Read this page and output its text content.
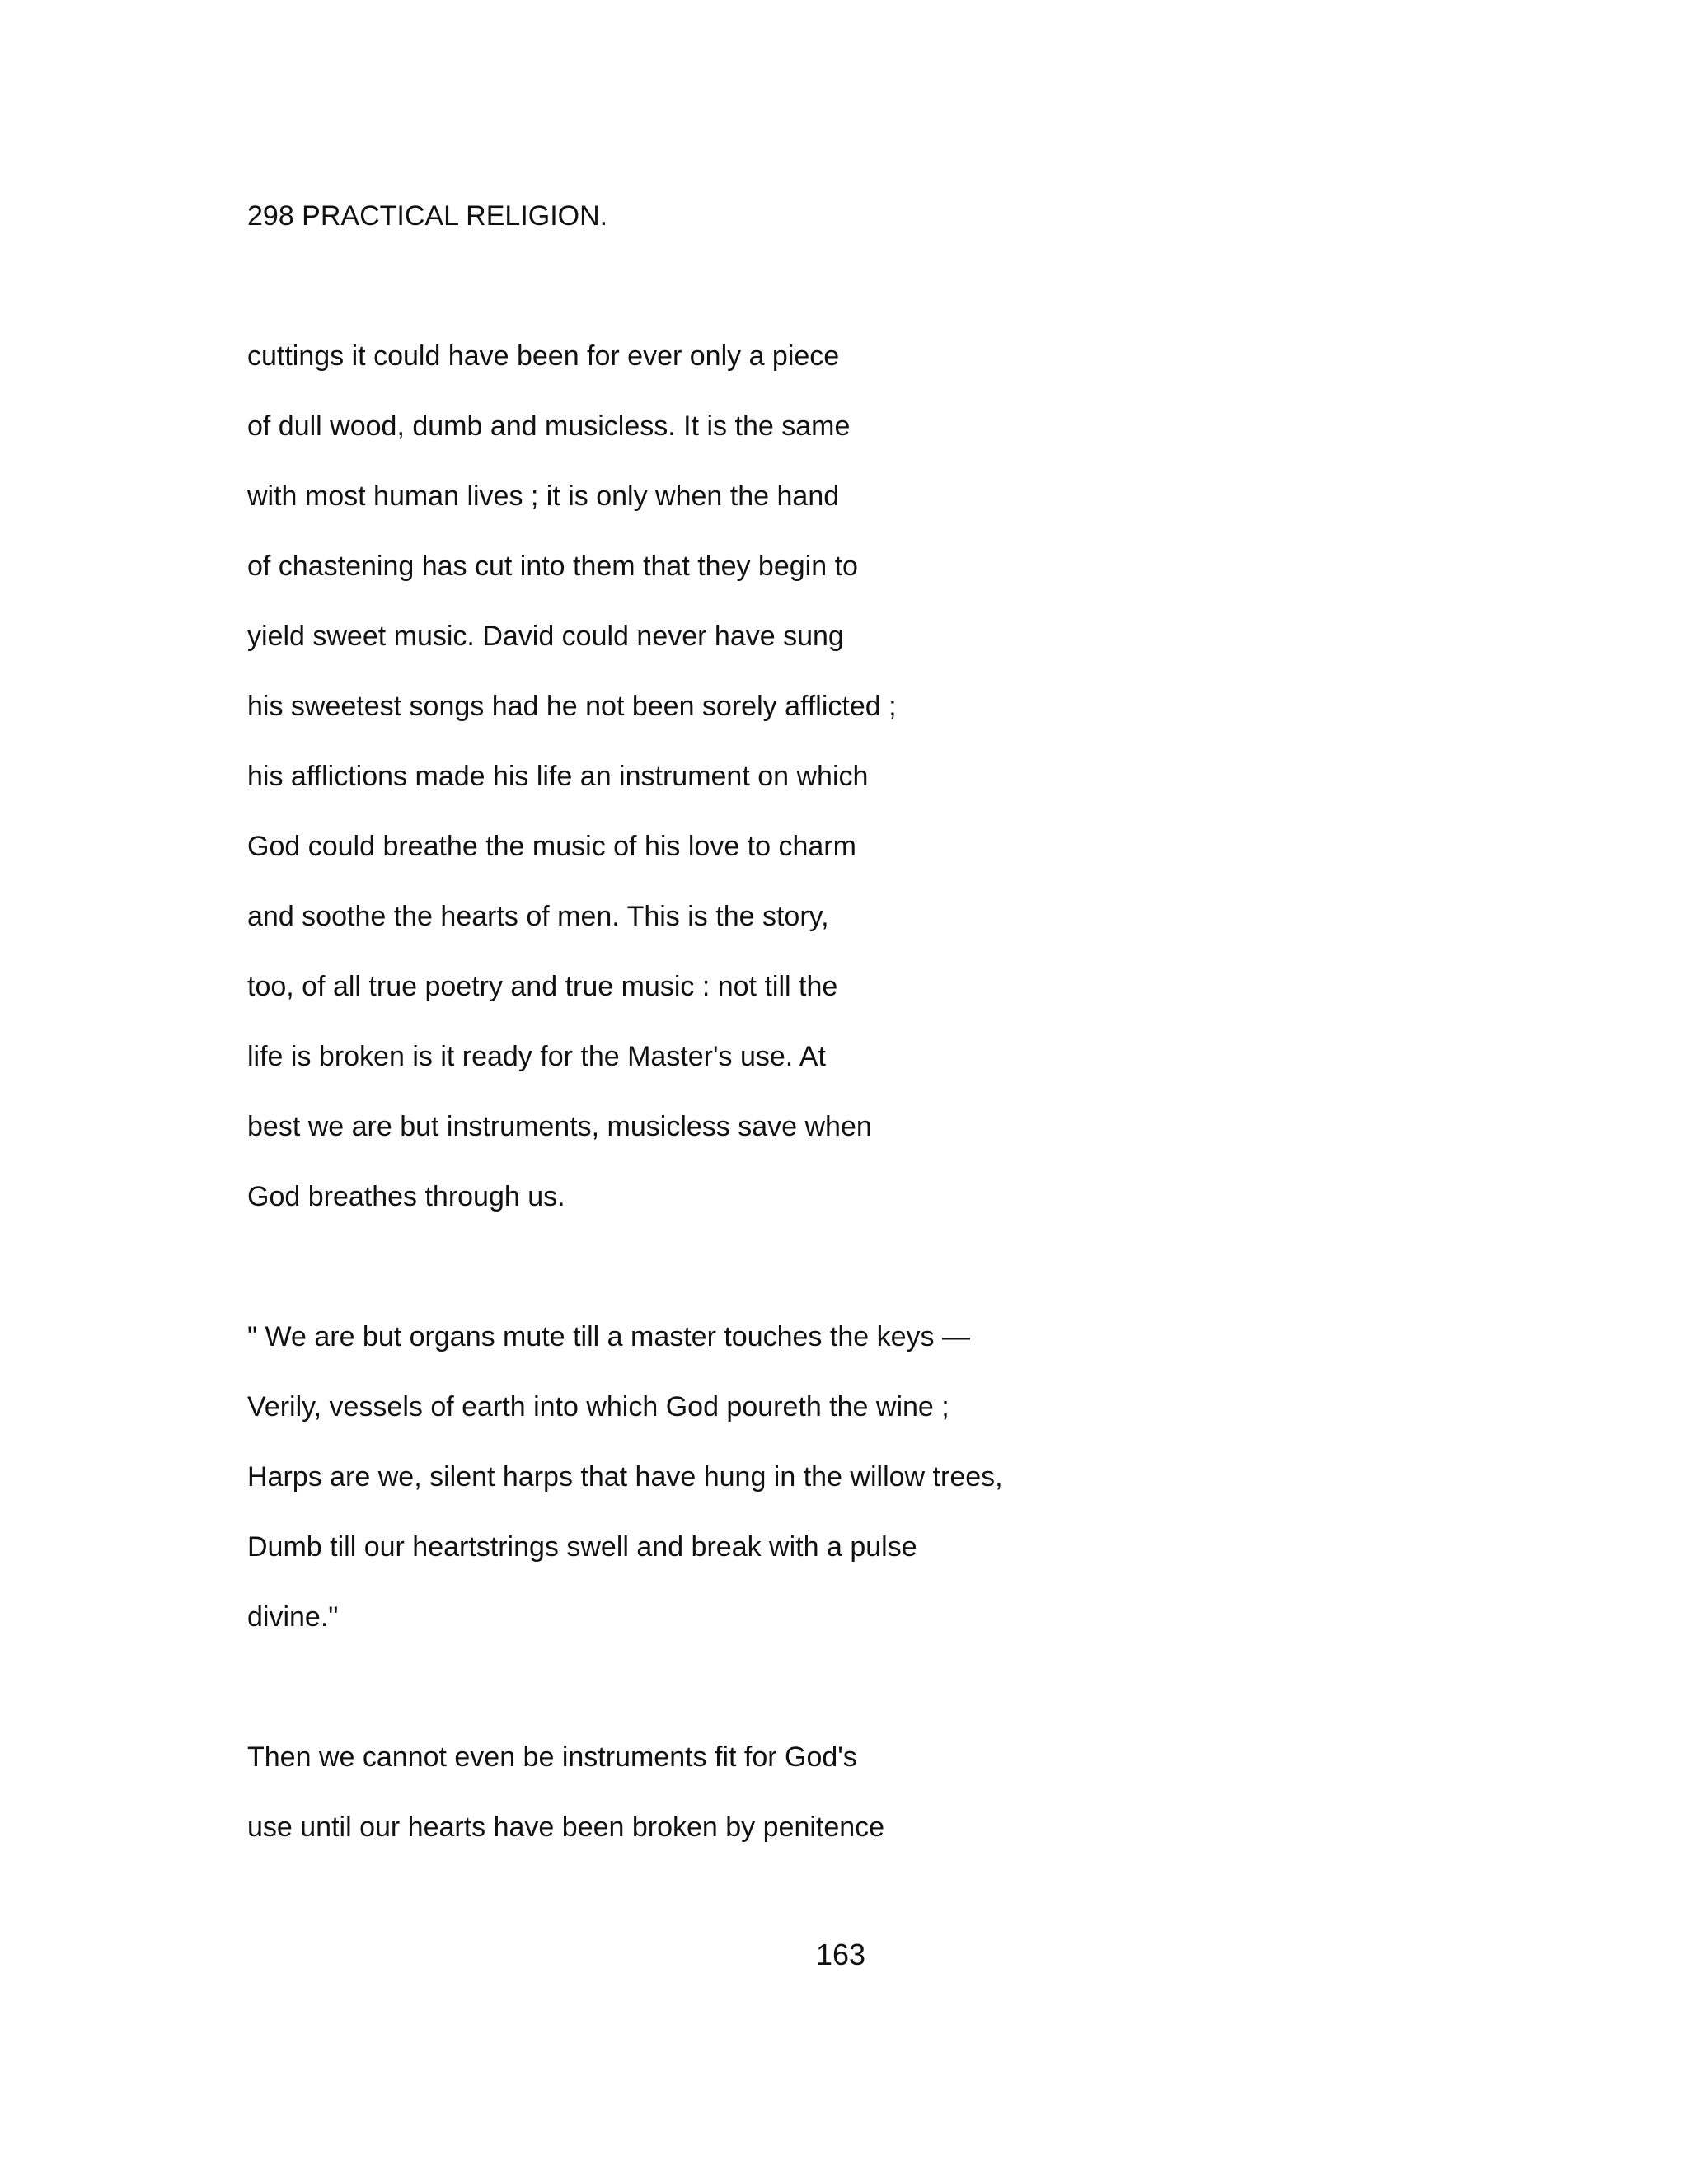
298 PRACTICAL RELIGION.
cuttings it could have been for ever only a piece
of dull wood, dumb and musicless. It is the same
with most human lives ; it is only when the hand
of chastening has cut into them that they begin to
yield sweet music. David could never have sung
his sweetest songs had he not been sorely afflicted ;
his afflictions made his life an instrument on which
God could breathe the music of his love to charm
and soothe the hearts of men. This is the story,
too, of all true poetry and true music : not till the
life is broken is it ready for the Master's use. At
best we are but instruments, musicless save when
God breathes through us.
" We are but organs mute till a master touches the keys —
Verily, vessels of earth into which God poureth the wine ;
Harps are we, silent harps that have hung in the willow trees,
Dumb till our heartstrings swell and break with a pulse
divine."
Then we cannot even be instruments fit for God's
use until our hearts have been broken by penitence
163
